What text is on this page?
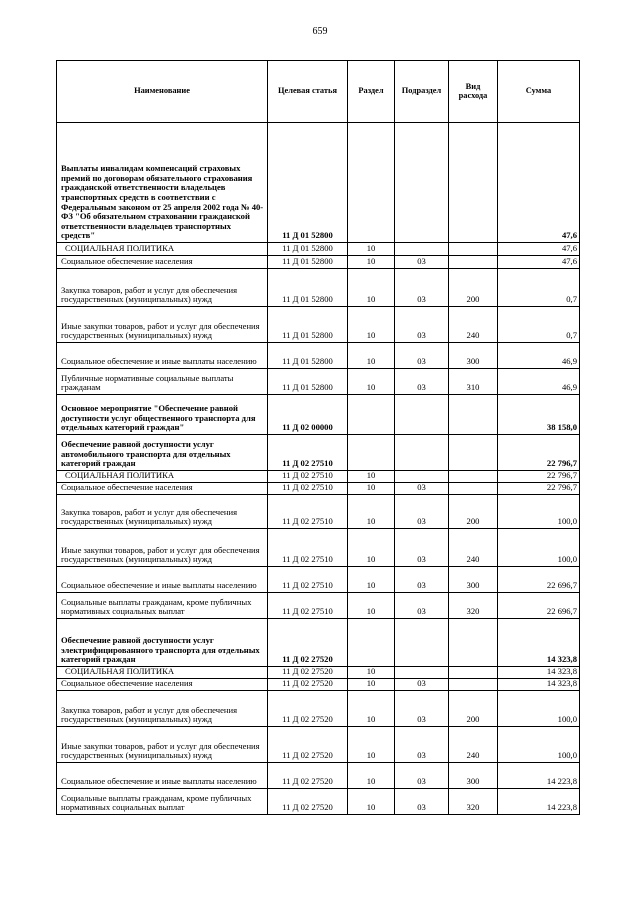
659
Наименование	Целевая статья	Раздел	Подраздел	Вид расхода	Сумма
Выплаты инвалидам компенсаций страховых премий по договорам обязательного страхования гражданской ответственности владельцев транспортных средств в соответствии с Федеральным законом от 25 апреля 2002 года № 40-ФЗ "Об обязательном страховании гражданской ответственности владельцев транспортных средств"	11 Д 01 52800				47,6
СОЦИАЛЬНАЯ ПОЛИТИКА	11 Д 01 52800	10			47,6
Социальное обеспечение населения	11 Д 01 52800	10	03		47,6
Закупка товаров, работ и услуг для обеспечения государственных (муниципальных) нужд	11 Д 01 52800	10	03	200	0,7
Иные закупки товаров, работ и услуг для обеспечения государственных (муниципальных) нужд	11 Д 01 52800	10	03	240	0,7
Социальное обеспечение и иные выплаты населению	11 Д 01 52800	10	03	300	46,9
Публичные нормативные социальные выплаты гражданам	11 Д 01 52800	10	03	310	46,9
Основное мероприятие "Обеспечение равной доступности услуг общественного транспорта для отдельных категорий граждан"	11 Д 02 00000				38 158,0
Обеспечение равной доступности услуг автомобильного транспорта для отдельных категорий граждан	11 Д 02 27510				22 796,7
СОЦИАЛЬНАЯ ПОЛИТИКА	11 Д 02 27510	10			22 796,7
Социальное обеспечение населения	11 Д 02 27510	10	03		22 796,7
Закупка товаров, работ и услуг для обеспечения государственных (муниципальных) нужд	11 Д 02 27510	10	03	200	100,0
Иные закупки товаров, работ и услуг для обеспечения государственных (муниципальных) нужд	11 Д 02 27510	10	03	240	100,0
Социальное обеспечение и иные выплаты населению	11 Д 02 27510	10	03	300	22 696,7
Социальные выплаты гражданам, кроме публичных нормативных социальных выплат	11 Д 02 27510	10	03	320	22 696,7
Обеспечение равной доступности услуг электрифицированного транспорта для отдельных категорий граждан	11 Д 02 27520				14 323,8
СОЦИАЛЬНАЯ ПОЛИТИКА	11 Д 02 27520	10			14 323,8
Социальное обеспечение населения	11 Д 02 27520	10	03		14 323,8
Закупка товаров, работ и услуг для обеспечения государственных (муниципальных) нужд	11 Д 02 27520	10	03	200	100,0
Иные закупки товаров, работ и услуг для обеспечения государственных (муниципальных) нужд	11 Д 02 27520	10	03	240	100,0
Социальное обеспечение и иные выплаты населению	11 Д 02 27520	10	03	300	14 223,8
Социальные выплаты гражданам, кроме публичных нормативных социальных выплат	11 Д 02 27520	10	03	320	14 223,8
